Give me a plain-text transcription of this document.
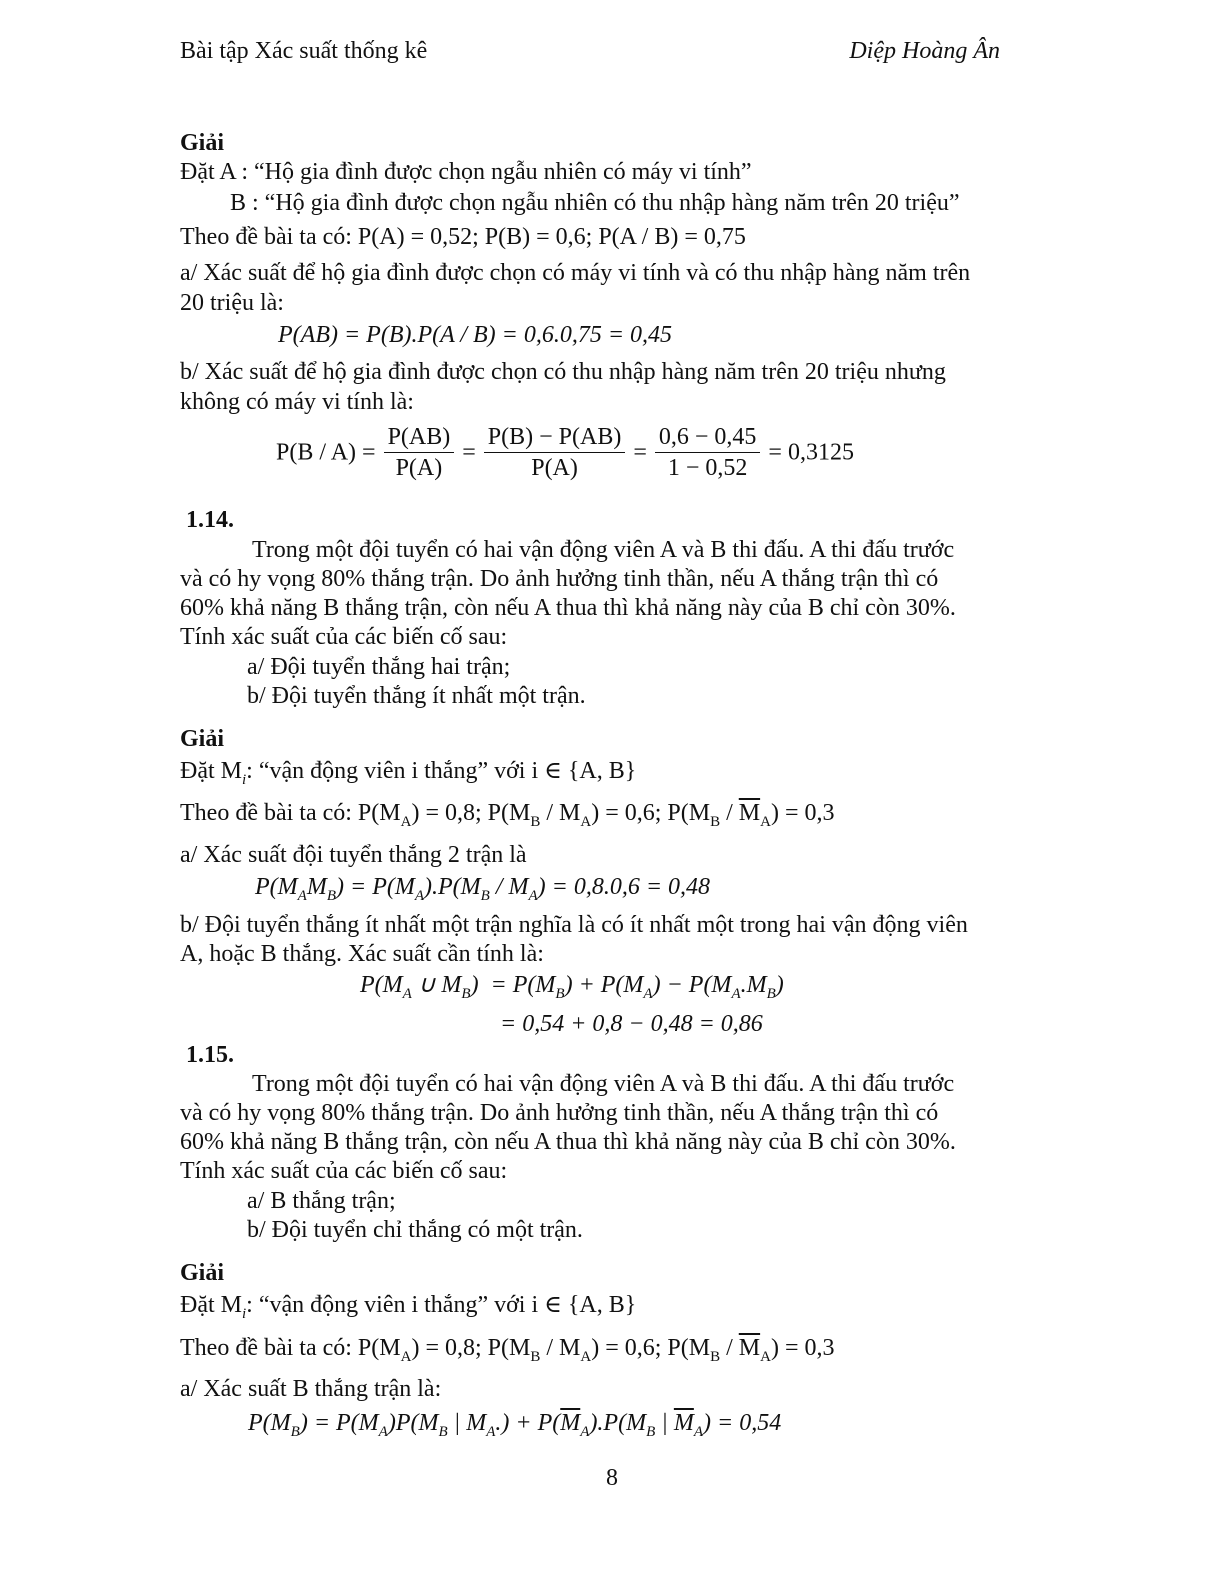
Bài tập Xác suất thống kê	Diệp Hoàng Ân
Giải
Đặt A : “Hộ gia đình được chọn ngẫu nhiên có máy vi tính”
B : “Hộ gia đình được chọn ngẫu nhiên có thu nhập hàng năm trên 20 triệu”
Theo đề bài ta có: P(A) = 0,52; P(B) = 0,6; P(A / B) = 0,75
a/ Xác suất để hộ gia đình được chọn có máy vi tính và có thu nhập hàng năm trên
20 triệu là:
P(AB) = P(B).P(A / B) = 0,6.0,75 = 0,45
b/ Xác suất để hộ gia đình được chọn có thu nhập hàng năm trên 20 triệu nhưng
không có máy vi tính là:
$P(B / A) = \frac{P(AB)}{P(A)} = \frac{P(B) - P(AB)}{P(A)} = \frac{0,6 - 0,45}{1 - 0,52} = 0,3125$
1.14.
Trong một đội tuyển có hai vận động viên A và B thi đấu. A thi đấu trước
và có hy vọng 80% thắng trận. Do ảnh hưởng tinh thần, nếu A thắng trận thì có
60% khả năng B thắng trận, còn nếu A thua thì khả năng này của B chỉ còn 30%.
Tính xác suất của các biến cố sau:
a/ Đội tuyển thắng hai trận;
b/ Đội tuyển thắng ít nhất một trận.
Giải
Đặt $M_i$: “vận động viên i thắng” với i ∈ {A, B}
Theo đề bài ta có: $P(M_A) = 0,8$; $P(M_B / M_A) = 0,6$; $P(M_B / \overline{M}_A) = 0,3$
a/ Xác suất đội tuyển thắng 2 trận là
$P(M_AM_B) = P(M_A).P(M_B / M_A) = 0,8.0,6 = 0,48$
b/ Đội tuyển thắng ít nhất một trận nghĩa là có ít nhất một trong hai vận động viên
A, hoặc B thắng. Xác suất cần tính là:
$P(M_A$ ∪ $M_B) = P(M_B) + P(M_A) - P(M_A.M_B)$
= 0,54 + 0,8 − 0,48 = 0,86
1.15.
Trong một đội tuyển có hai vận động viên A và B thi đấu. A thi đấu trước
và có hy vọng 80% thắng trận. Do ảnh hưởng tinh thần, nếu A thắng trận thì có
60% khả năng B thắng trận, còn nếu A thua thì khả năng này của B chỉ còn 30%.
Tính xác suất của các biến cố sau:
a/ B thắng trận;
b/ Đội tuyển chỉ thắng có một trận.
Giải
Đặt $M_i$: “vận động viên i thắng” với i ∈ {A, B}
Theo đề bài ta có: $P(M_A) = 0,8$; $P(M_B / M_A) = 0,6$; $P(M_B / \overline{M}_A) = 0,3$
a/ Xác suất B thắng trận là:
$P(M_B) = P(M_A)P(M_B$ | $M_A.) + P(\overline{M}_A).P(M_B$ | $\overline{M}_A) = 0,54$
8
